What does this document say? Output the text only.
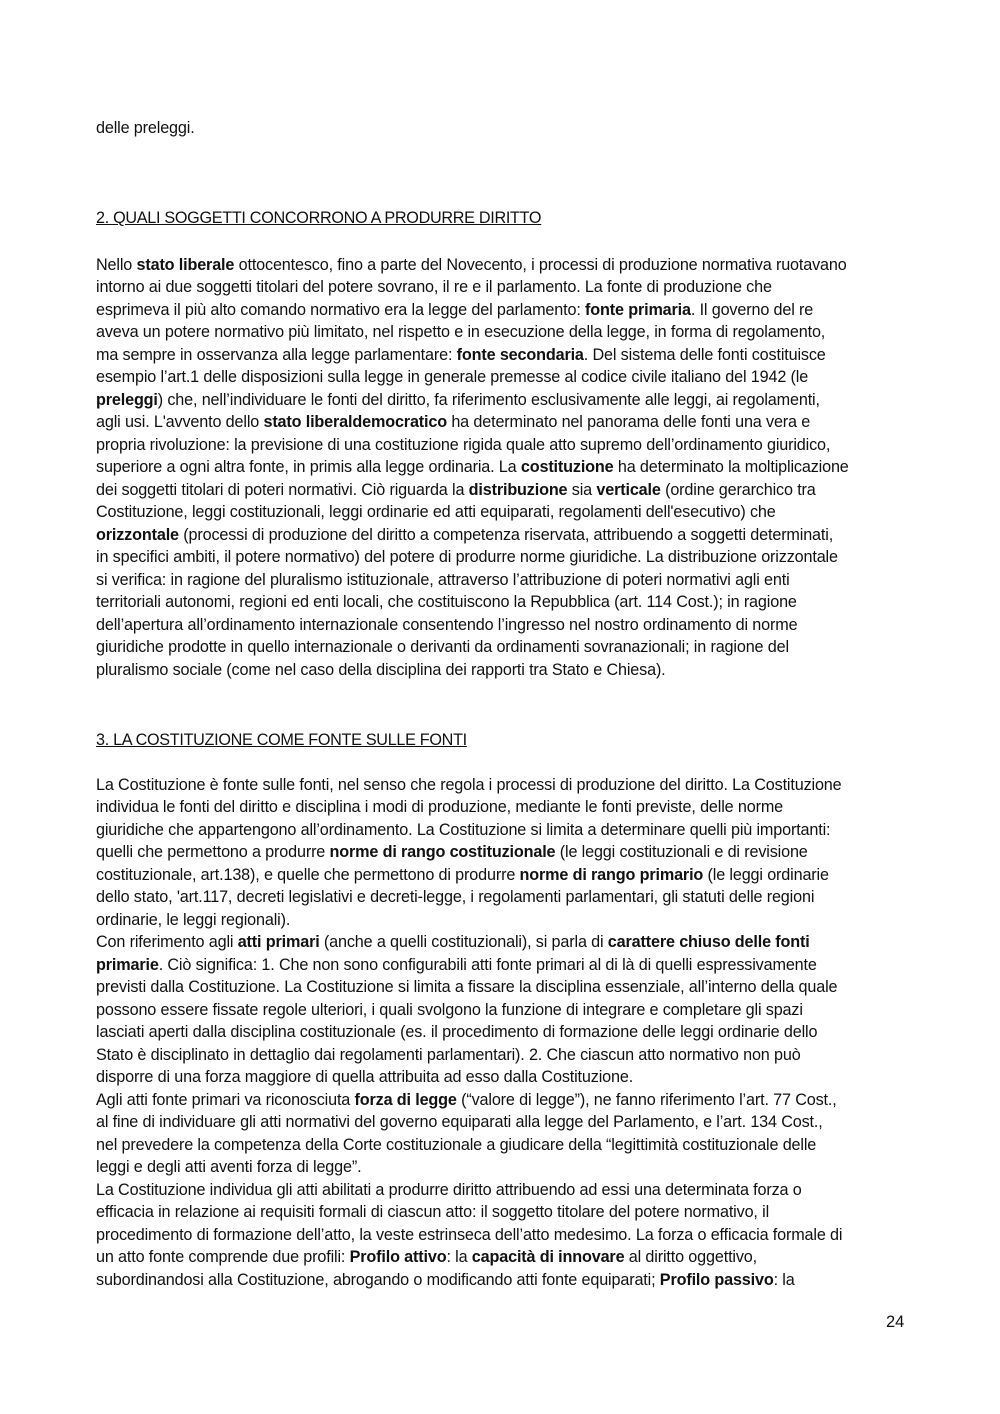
delle preleggi.
2. QUALI SOGGETTI CONCORRONO A PRODURRE DIRITTO
Nello stato liberale ottocentesco, fino a parte del Novecento, i processi di produzione normativa ruotavano
intorno ai due soggetti titolari del potere sovrano, il re e il parlamento. La fonte di produzione che
esprimeva il più alto comando normativo era la legge del parlamento: fonte primaria. Il governo del re
aveva un potere normativo più limitato, nel rispetto e in esecuzione della legge, in forma di regolamento,
ma sempre in osservanza alla legge parlamentare: fonte secondaria. Del sistema delle fonti costituisce
esempio l’art.1 delle disposizioni sulla legge in generale premesse al codice civile italiano del 1942 (le
preleggi) che, nell’individuare le fonti del diritto, fa riferimento esclusivamente alle leggi, ai regolamenti,
agli usi. L'avvento dello stato liberaldemocratico ha determinato nel panorama delle fonti una vera e
propria rivoluzione: la previsione di una costituzione rigida quale atto supremo dell’ordinamento giuridico,
superiore a ogni altra fonte, in primis alla legge ordinaria. La costituzione ha determinato la moltiplicazione
dei soggetti titolari di poteri normativi. Ciò riguarda la distribuzione sia verticale (ordine gerarchico tra
Costituzione, leggi costituzionali, leggi ordinarie ed atti equiparati, regolamenti dell'esecutivo) che
orizzontale (processi di produzione del diritto a competenza riservata, attribuendo a soggetti determinati,
in specifici ambiti, il potere normativo) del potere di produrre norme giuridiche. La distribuzione orizzontale
si verifica: in ragione del pluralismo istituzionale, attraverso l’attribuzione di poteri normativi agli enti
territoriali autonomi, regioni ed enti locali, che costituiscono la Repubblica (art. 114 Cost.); in ragione
dell’apertura all’ordinamento internazionale consentendo l’ingresso nel nostro ordinamento di norme
giuridiche prodotte in quello internazionale o derivanti da ordinamenti sovranazionali; in ragione del
pluralismo sociale (come nel caso della disciplina dei rapporti tra Stato e Chiesa).
3. LA COSTITUZIONE COME FONTE SULLE FONTI
La Costituzione è fonte sulle fonti, nel senso che regola i processi di produzione del diritto. La Costituzione
individua le fonti del diritto e disciplina i modi di produzione, mediante le fonti previste, delle norme
giuridiche che appartengono all’ordinamento. La Costituzione si limita a determinare quelli più importanti:
quelli che permettono a produrre norme di rango costituzionale (le leggi costituzionali e di revisione
costituzionale, art.138), e quelle che permettono di produrre norme di rango primario (le leggi ordinarie
dello stato, 'art.117, decreti legislativi e decreti-legge, i regolamenti parlamentari, gli statuti delle regioni
ordinarie, le leggi regionali).
Con riferimento agli atti primari (anche a quelli costituzionali), si parla di carattere chiuso delle fonti
primarie. Ciò significa: 1. Che non sono configurabili atti fonte primari al di là di quelli espressivamente
previsti dalla Costituzione. La Costituzione si limita a fissare la disciplina essenziale, all’interno della quale
possono essere fissate regole ulteriori, i quali svolgono la funzione di integrare e completare gli spazi
lasciati aperti dalla disciplina costituzionale (es. il procedimento di formazione delle leggi ordinarie dello
Stato è disciplinato in dettaglio dai regolamenti parlamentari). 2. Che ciascun atto normativo non può
disporre di una forza maggiore di quella attribuita ad esso dalla Costituzione.
Agli atti fonte primari va riconosciuta forza di legge (“valore di legge”), ne fanno riferimento l’art. 77 Cost.,
al fine di individuare gli atti normativi del governo equiparati alla legge del Parlamento, e l’art. 134 Cost.,
nel prevedere la competenza della Corte costituzionale a giudicare della “legittimità costituzionale delle
leggi e degli atti aventi forza di legge”.
La Costituzione individua gli atti abilitati a produrre diritto attribuendo ad essi una determinata forza o
efficacia in relazione ai requisiti formali di ciascun atto: il soggetto titolare del potere normativo, il
procedimento di formazione dell’atto, la veste estrinseca dell’atto medesimo. La forza o efficacia formale di
un atto fonte comprende due profili: Profilo attivo: la capacità di innovare al diritto oggettivo,
subordinandosi alla Costituzione, abrogando o modificando atti fonte equiparati; Profilo passivo: la
24
